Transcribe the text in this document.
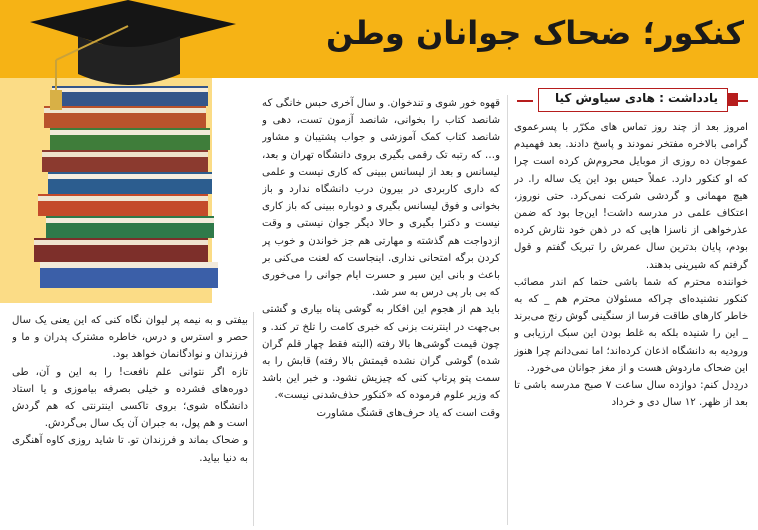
کنکور؛ ضحاک جوانان وطن
یادداشت : هادی سیاوش کیا

امروز بعد از چند روز تماس های مکرّر با پسرعموی گرامی بالاخره مفتخر نمودند و پاسخ دادند. بعد فهمیدم عموجان ده روزی از موبایل محروم‌ش کرده است چرا که او کنکور دارد. عملاً حبس بود این یک ساله را. در هیچ مهمانی و گردشی شرکت نمی‌کرد. حتی نوروز، اعتکاف علمی در مدرسه داشت! این‌جا بود که ضمن عذرخواهی از ناسزا هایی که در ذهن خود نثارش کرده بودم، پایان بدترین سال عمرش را تبریک گفتم و قول گرفتم که شیرینی بدهند.

خواننده محترم که شما باشی حتما کم اندر مصائب کنکور نشنیده‌ای چراکه مسئولان محترم هم _ که به خاطر کارهای طاقت فرسا از سنگینی گوش رنج می‌برند _ این را شنیده بلکه به غلط بودن این سبک ارزیابی و ورودیه به دانشگاه اذعان کرده‌اند؛ اما نمی‌دانم چرا هنوز این ضحاک ماردوش هست و از مغز جوانان می‌خورد.

دردِدل کنم: دوازده سال ساعت ۷ صبح مدرسه باشی تا بعد از ظهر. ۱۲ سال دی و خرداد

قهوه خور شوی و تندخوان. و سال آخری حبس خانگی که شانصد کتاب را بخوانی، شانصد آزمون تست، دهی و شانصد کتاب کمک آموزشی و جواب پشتیبان و مشاور و… که رتبه تک رقمی بگیری بروی دانشگاه تهران و بعد، لیسانس و بعد از لیسانس ببینی که کاری نیست و علمی که داری کاربردی در بیرون درب دانشگاه ندارد و باز بخوانی و فوق لیسانس بگیری و دوباره ببینی که باز کاری نیست و دکترا بگیری و حالا دیگر جوان نیستی و وقت ازدواجت هم گذشته و مهارتی هم جز خواندن و خوب پر کردن برگه امتحانی نداری. اینجاست که لعنت می‌کنی بر باعث و بانی این سیر و حسرت ایام جوانی را می‌خوری که بی بار پی درس به سر شد.

باید هم از هجوم این افکار به گوشی پناه بیاری و گشتی بی‌جهت در اینترنت بزنی که خبری کامت را تلخ تر کند. و چون قیمت گوشی‌ها بالا رفته (البته فقط چهار قلم گران شده) گوشی گران نشده قیمتش بالا رفته) قابش را به سمت پتو پرتاپ کنی که چیزیش نشود. و خبر این باشد که وزیر علوم فرموده که «کنکور حذف‌شدنی نیست».

وقت است که یاد حرف‌های قشنگ مشاورت

بیفتی و به نیمه پر لیوان نگاه کنی که این یعنی یک سال حصر و استرس و درس، خاطره مشترک پدران و ما و فرزندان و نوادگانمان خواهد بود.

تازه اگر نتوانی علم نافعت! را به این و آن، طی دوره‌های فشرده و خیلی بصرفه بیاموزی و یا استاد دانشگاه شوی؛ بروی تاکسی اینترنتی که هم گردش است و هم پول، به جبران آن یک سال بی‌گردش.

و ضحاک بماند و فرزندان تو. تا شاید روزی کاوه آهنگری به دنیا بیاید.
